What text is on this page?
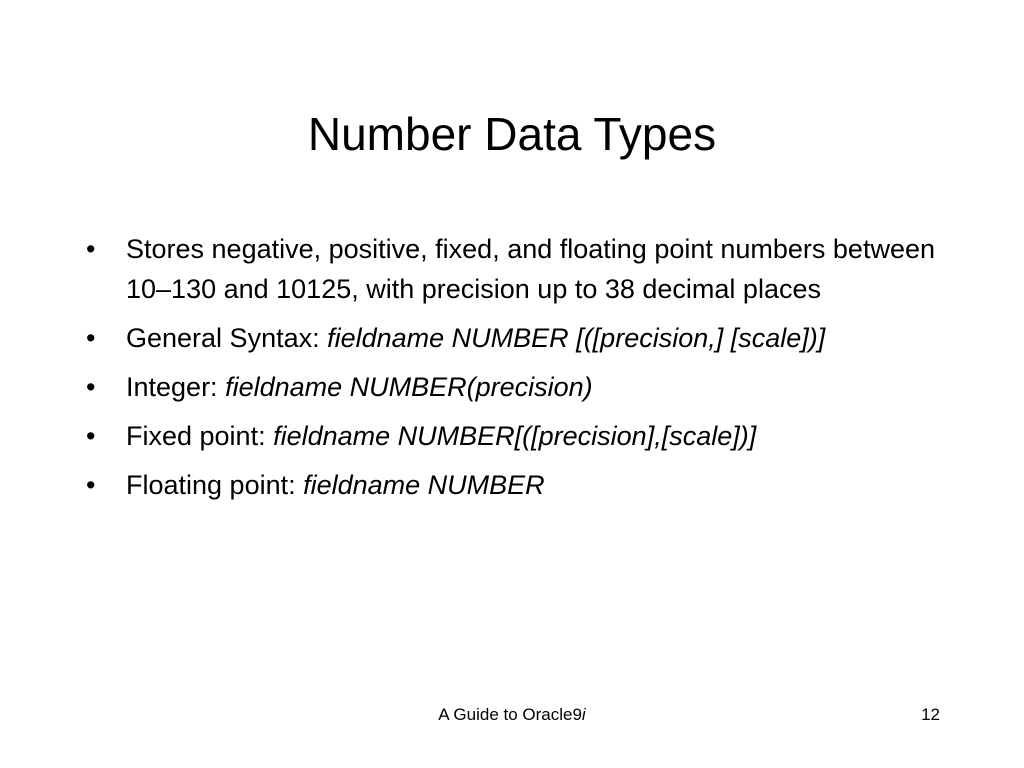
Number Data Types
•	Stores negative, positive, fixed, and floating point numbers between 10–130 and 10125, with precision up to 38 decimal places
•	General Syntax: fieldname NUMBER [([precision,] [scale])]
•	Integer: fieldname NUMBER(precision)
•	Fixed point: fieldname NUMBER[([precision],[scale])]
•	Floating point: fieldname NUMBER
A Guide to Oracle9i	12
